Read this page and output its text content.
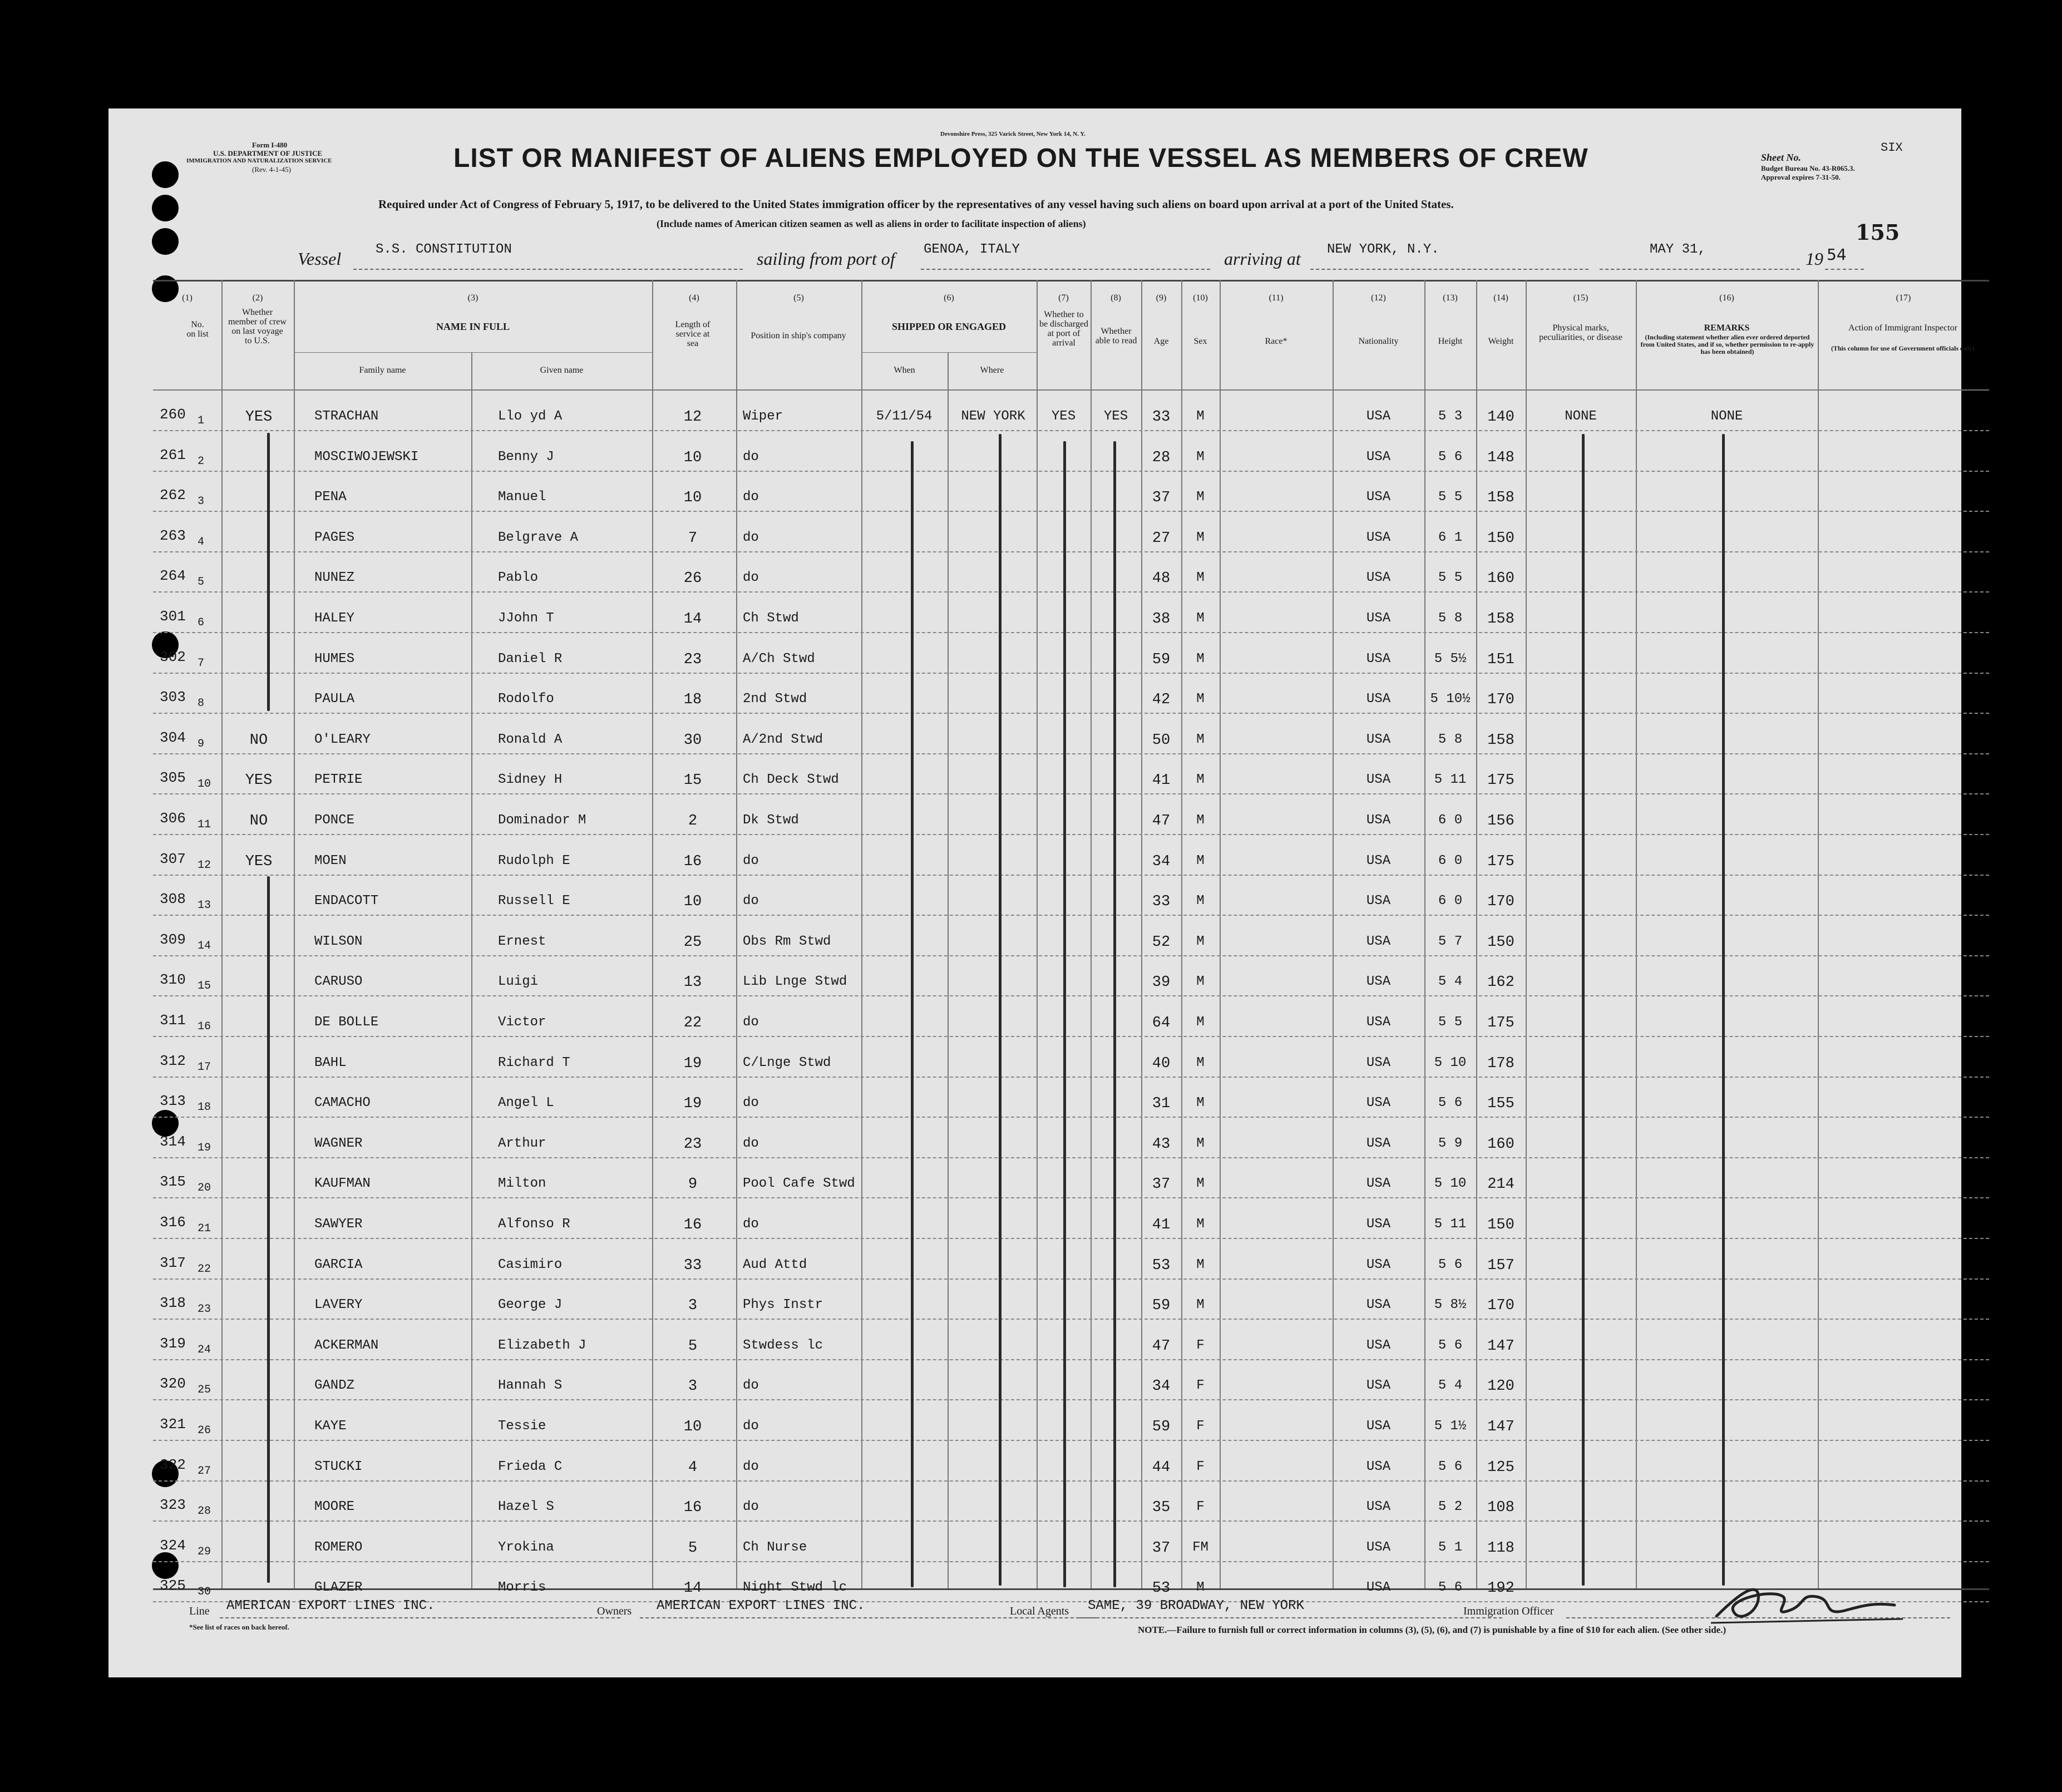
Form I-480
U.S. DEPARTMENT OF JUSTICE
IMMIGRATION AND NATURALIZATION SERVICE
(Rev. 4-1-45)
Devonshire Press, 325 Varick Street, New York 14, N. Y.
LIST OR MANIFEST OF ALIENS EMPLOYED ON THE VESSEL AS MEMBERS OF CREW
Required under Act of Congress of February 5, 1917, to be delivered to the United States immigration officer by the representatives of any vessel having such aliens on board upon arrival at a port of the United States.
(Include names of American citizen seamen as well as aliens in order to facilitate inspection of aliens)
Sheet No.
SIX
Budget Bureau No. 43-R065.3.
Approval expires 7-31-50.
155
Vessel	S.S. CONSTITUTION	sailing from port of GENOA, ITALY	arriving at NEW YORK, N.Y.	MAY 31,	19 54
(1)
No. on list
(2)
Whether member of crew on last voyage to U.S.
(3)
NAME IN FULL
Family name	Given name
(4)
Length of service at sea
(5)
Position in ship's company
(6)
SHIPPED OR ENGAGED
When	Where
(7)
Whether to be discharged at port of arrival
(8)
Whether able to read
(9)
Age
(10)
Sex
(11)
Race*
(12)
Nationality
(13)
Height
(14)
Weight
(15)
Physical marks, peculiarities, or disease
(16)
REMARKS
(Including statement whether alien ever ordered deported from United States, and if so, whether permission to re-apply has been obtained)
(17)
Action of Immigrant Inspector
(This column for use of Government officials only)
260 1	YES	STRACHAN	Llo yd A	12	Wiper	5/11/54	NEW YORK	YES	YES	33	M	USA	5 3	140	NONE	NONE
261 2	MOSCIWOJEWSKI	Benny J	10	do	28	M	USA	5 6	148
262 3	PENA	Manuel	10	do	37	M	USA	5 5	158
263 4	PAGES	Belgrave A	7	do	27	M	USA	6 1	150
264 5	NUNEZ	Pablo	26	do	48	M	USA	5 5	160
301 6	HALEY	JJohn T	14	Ch Stwd	38	M	USA	5 8	158
302 7	HUMES	Daniel R	23	A/Ch Stwd	59	M	USA	5 5½	151
303 8	PAULA	Rodolfo	18	2nd Stwd	42	M	USA	5 10½	170
304 9	NO	O'LEARY	Ronald A	30	A/2nd Stwd	50	M	USA	5 8	158
305 10	YES	PETRIE	Sidney H	15	Ch Deck Stwd	41	M	USA	5 11	175
306 11	NO	PONCE	Dominador M	2	Dk Stwd	47	M	USA	6 0	156
307 12	YES	MOEN	Rudolph E	16	do	34	M	USA	6 0	175
308 13	ENDACOTT	Russell E	10	do	33	M	USA	6 0	170
309 14	WILSON	Ernest	25	Obs Rm Stwd	52	M	USA	5 7	150
310 15	CARUSO	Luigi	13	Lib Lnge Stwd	39	M	USA	5 4	162
311 16	DE BOLLE	Victor	22	do	64	M	USA	5 5	175
312 17	BAHL	Richard T	19	C/Lnge Stwd	40	M	USA	5 10	178
313 18	CAMACHO	Angel L	19	do	31	M	USA	5 6	155
314 19	WAGNER	Arthur	23	do	43	M	USA	5 9	160
315 20	KAUFMAN	Milton	9	Pool Cafe Stwd	37	M	USA	5 10	214
316 21	SAWYER	Alfonso R	16	do	41	M	USA	5 11	150
317 22	GARCIA	Casimiro	33	Aud Attd	53	M	USA	5 6	157
318 23	LAVERY	George J	3	Phys Instr	59	M	USA	5 8½	170
319 24	ACKERMAN	Elizabeth J	5	Stwdess lc	47	F	USA	5 6	147
320 25	GANDZ	Hannah S	3	do	34	F	USA	5 4	120
321 26	KAYE	Tessie	10	do	59	F	USA	5 1½	147
322 27	STUCKI	Frieda C	4	do	44	F	USA	5 6	125
323 28	MOORE	Hazel S	16	do	35	F	USA	5 2	108
324 29	ROMERO	Yrokina	5	Ch Nurse	37	FM	USA	5 1	118
325 30	GLAZER	Morris	14	Night Stwd lc	53	M	USA	5 6	192
Line AMERICAN EXPORT LINES INC.	Owners AMERICAN EXPORT LINES INC.	Local Agents SAME, 39 BROADWAY, NEW YORK	Immigration Officer
*See list of races on back hereof.	NOTE.—Failure to furnish full or correct information in columns (3), (5), (6), and (7) is punishable by a fine of $10 for each alien. (See other side.)
